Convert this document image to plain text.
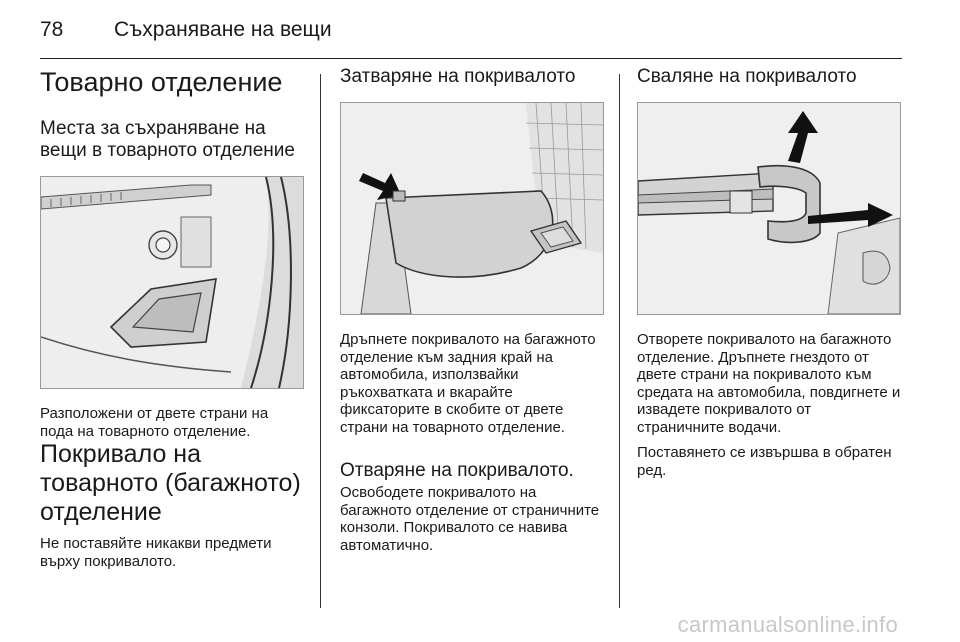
78 Съхраняване на вещи
Товарно отделение
Места за съхраняване на вещи в товарното отделение

Разположени от двете страни на пода на товарното отделение.

Покривало на товарното (багажното) отделение

Не поставяйте никакви предмети върху покривалото.

Затваряне на покривалото

Дръпнете покривалото на багажното отделение към задния край на автомобила, използвайки ръкохватката и вкарайте фиксаторите в скобите от двете страни на товарното отделение.

Отваряне на покривалото.

Освободете покривалото на багажното отделение от страничните конзоли. Покривалото се навива автоматично.

Сваляне на покривалото

Отворете покривалото на багажното отделение. Дръпнете гнездото от двете страни на покривалото към средата на автомобила, повдигнете и извадете покривалото от страничните водачи.

Поставянето се извършва в обратен ред.

carmanualsonline.info
